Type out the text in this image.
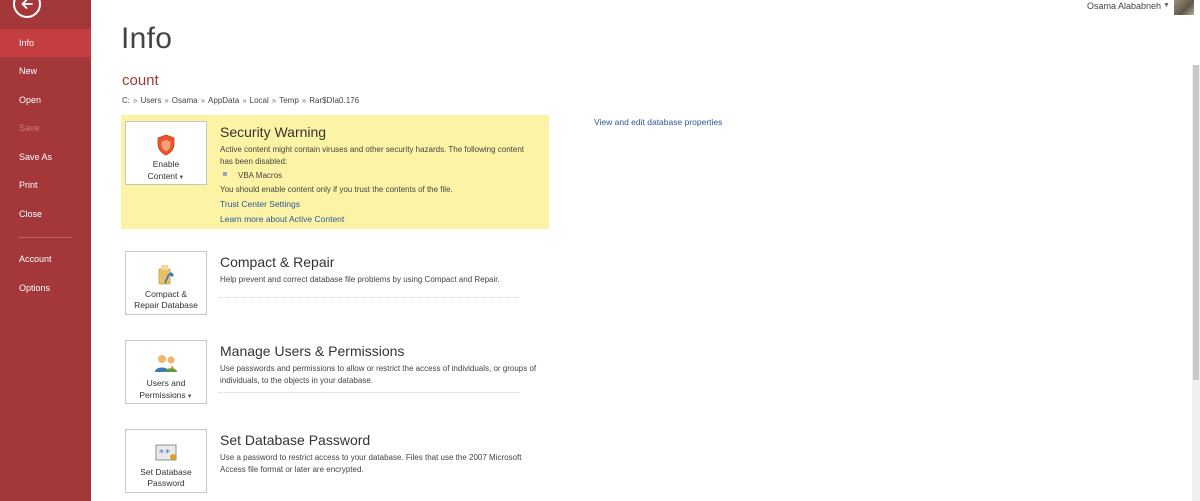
Info
New
Open
Save
Save As
Print
Close
Account
Options
Osama Alababneh ▼
Info
count
C: » Users » Osama » AppData » Local » Temp » Rar$DIa0.176
View and edit database properties
Enable
Content▼
Security Warning
Active content might contain viruses and other security hazards. The following content has been disabled:
VBA Macros
You should enable content only if you trust the contents of the file.
Trust Center Settings
Learn more about Active Content
Compact &
Repair Database
Compact & Repair
Help prevent and correct database file problems by using Compact and Repair.
Users and
Permissions▼
Manage Users & Permissions
Use passwords and permissions to allow or restrict the access of individuals, or groups of individuals, to the objects in your database.
* *
Set Database
Password
Set Database Password
Use a password to restrict access to your database. Files that use the 2007 Microsoft Access file format or later are encrypted.
